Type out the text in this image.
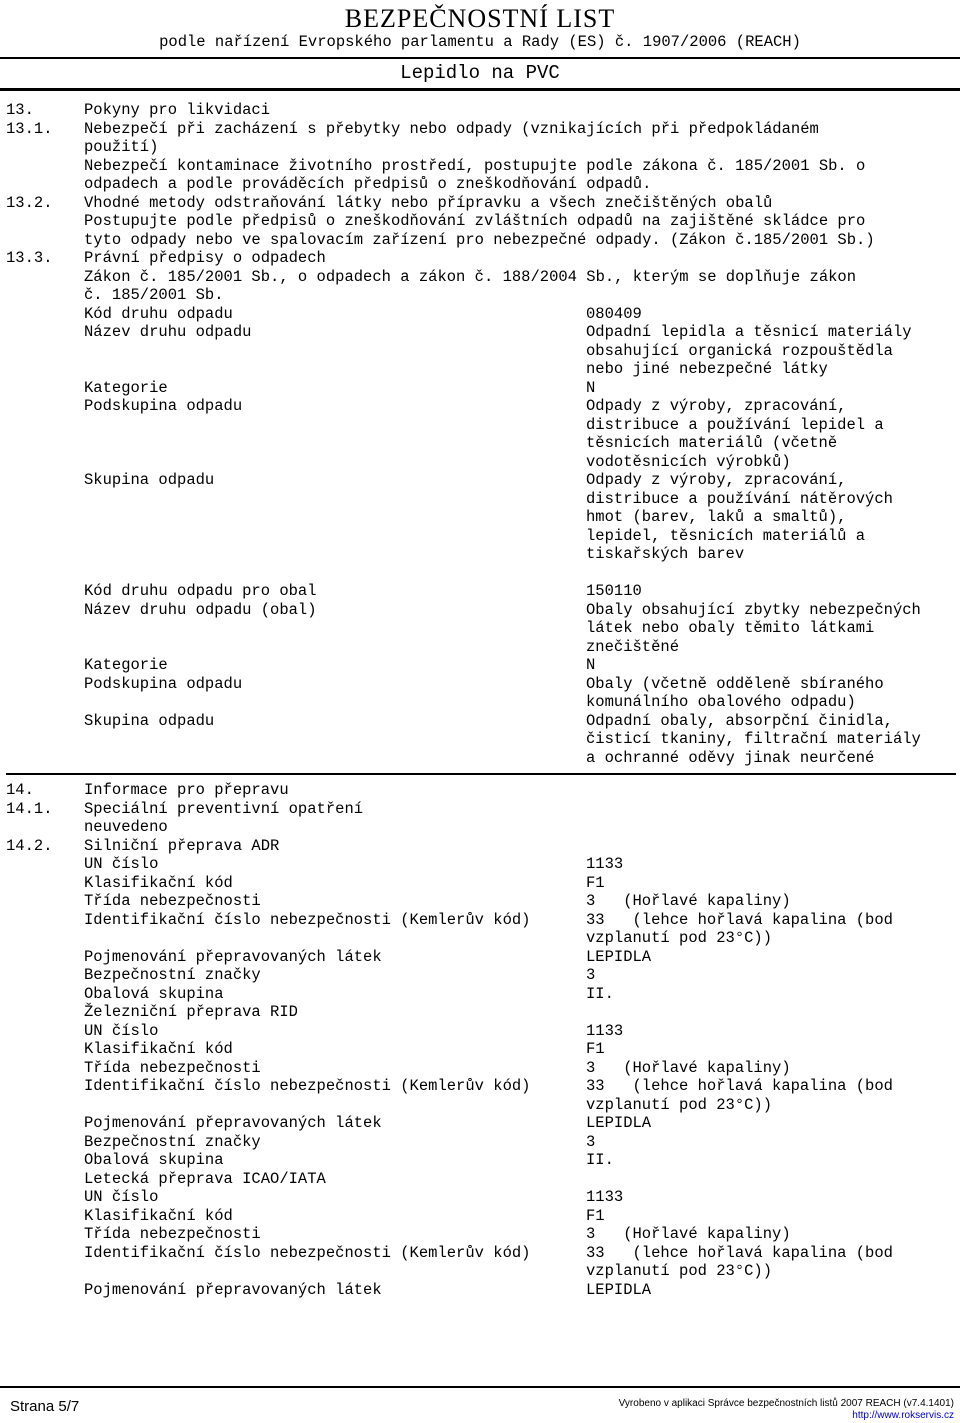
BEZPEČNOSTNÍ LIST
podle nařízení Evropského parlamentu a Rady (ES) č. 1907/2006 (REACH)
Lepidlo na PVC
13.	Pokyny pro likvidaci
13.1. Nebezpečí při zacházení s přebytky nebo odpady (vznikajících při předpokládaném
použití)
Nebezpečí kontaminace životního prostředí, postupujte podle zákona č. 185/2001 Sb. o
odpadech a podle prováděcích předpisů o zneškodňování odpadů.
13.2. Vhodné metody odstraňování látky nebo přípravku a všech znečištěných obalů
Postupujte podle předpisů o zneškodňování zvláštních odpadů na zajištěné skládce pro
tyto odpady nebo ve spalovacím zařízení pro nebezpečné odpady. (Zákon č.185/2001 Sb.)
13.3. Právní předpisy o odpadech
Zákon č. 185/2001 Sb., o odpadech a zákon č. 188/2004 Sb., kterým se doplňuje zákon
č. 185/2001 Sb.
Kód druhu odpadu	080409
Název druhu odpadu	Odpadní lepidla a těsnicí materiály
obsahující organická rozpouštědla
nebo jiné nebezpečné látky
Kategorie	N
Podskupina odpadu	Odpady z výroby, zpracování,
distribuce a používání lepidel a
těsnicích materiálů (včetně
vodotěsnicích výrobků)
Skupina odpadu	Odpady z výroby, zpracování,
distribuce a používání nátěrových
hmot (barev, laků a smaltů),
lepidel, těsnicích materiálů a
tiskařských barev
Kód druhu odpadu pro obal	150110
Název druhu odpadu (obal)	Obaly obsahující zbytky nebezpečných
látek nebo obaly těmito látkami
znečištěné
Kategorie	N
Podskupina odpadu	Obaly (včetně odděleně sbíraného
komunálního obalového odpadu)
Skupina odpadu	Odpadní obaly, absorpční činidla,
čisticí tkaniny, filtrační materiály
a ochranné oděvy jinak neurčené
14.	Informace pro přepravu
14.1. Speciální preventivní opatření
neuvedeno
14.2. Silniční přeprava ADR
UN číslo	1133
Klasifikační kód	F1
Třída nebezpečnosti	3   (Hořlavé kapaliny)
Identifikační číslo nebezpečnosti (Kemlerův kód)	33   (lehce hořlavá kapalina (bod
vzplanutí pod 23°C))
Pojmenování přepravovaných látek	LEPIDLA
Bezpečnostní značky	3
Obalová skupina	II.
Železniční přeprava RID
UN číslo	1133
Klasifikační kód	F1
Třída nebezpečnosti	3   (Hořlavé kapaliny)
Identifikační číslo nebezpečnosti (Kemlerův kód)	33   (lehce hořlavá kapalina (bod
vzplanutí pod 23°C))
Pojmenování přepravovaných látek	LEPIDLA
Bezpečnostní značky	3
Obalová skupina	II.
Letecká přeprava ICAO/IATA
UN číslo	1133
Klasifikační kód	F1
Třída nebezpečnosti	3   (Hořlavé kapaliny)
Identifikační číslo nebezpečnosti (Kemlerův kód)	33   (lehce hořlavá kapalina (bod
vzplanutí pod 23°C))
Pojmenování přepravovaných látek	LEPIDLA
Strana 5/7	Vyrobeno v aplikaci Správce bezpečnostních listů 2007 REACH (v7.4.1401)
http://www.rokservis.cz
